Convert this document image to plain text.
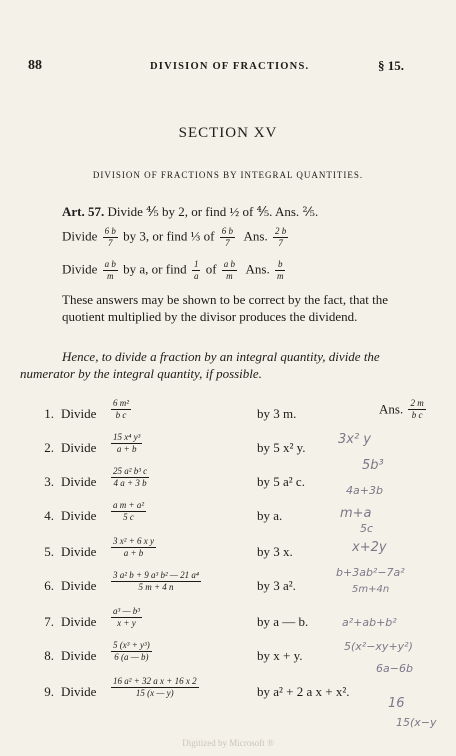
88	DIVISION OF FRACTIONS.	§ 15.
SECTION XV
DIVISION OF FRACTIONS BY INTEGRAL QUANTITIES.
Art. 57. Divide ⅘ by 2, or find ½ of ⅘. Ans. ⅖.
Divide $\frac{6 b}{7}$ by 3, or find ⅓ of $\frac{6 b}{7}$ Ans. $\frac{2 b}{7}$
Divide $\frac{\text{a b}}{m}$ by a, or find $\frac{1}{a}$ of $\frac{\text{a b}}{m}$ Ans. $\frac{b}{m}$
These answers may be shown to be correct by the fact, that the quotient multiplied by the divisor produces the dividend.
Hence, to divide a fraction by an integral quantity, divide the numerator by the integral quantity, if possible.
1. Divide $\frac{\text{6 m²}}{\text{b c}}$	by 3 m.	Ans. $\frac{2 m}{\text{b c}}$
2. Divide $\frac{\text{15 x⁴ y³}}{a + b}$	by 5 x² y.
3. Divide $\frac{\text{25 a² b³ c}}{4 a + 3 b}$	by 5 a² c.
4. Divide $\frac{\text{a m + a²}}{5 c}$	by a.
5. Divide $\frac{\text{3 x² + 6 x y}}{a + b}$	by 3 x.
6. Divide $\frac{\text{3 a² b + 9 a³ b² — 21 a⁴}}{5 m + 4 n}$	by 3 a².
7. Divide $\frac{\text{a³ — b³}}{x + y}$	by a — b.
8. Divide $\frac{\text{5 (x³ + y³)}}{6 (a — b)}$	by x + y.
9. Divide $\frac{\text{16 a² + 32 a x + 16 x 2}}{15 (x — y)}$	by a² + 2 a x + x².
3x² y
5b³
4a+3b
m+a
5c
x+2y
b+3ab²−7a²
5m+4n
a²+ab+b²
5(x²−xy+y²)
6a−6b
16
15(x−y
Digitized by Microsoft ®
